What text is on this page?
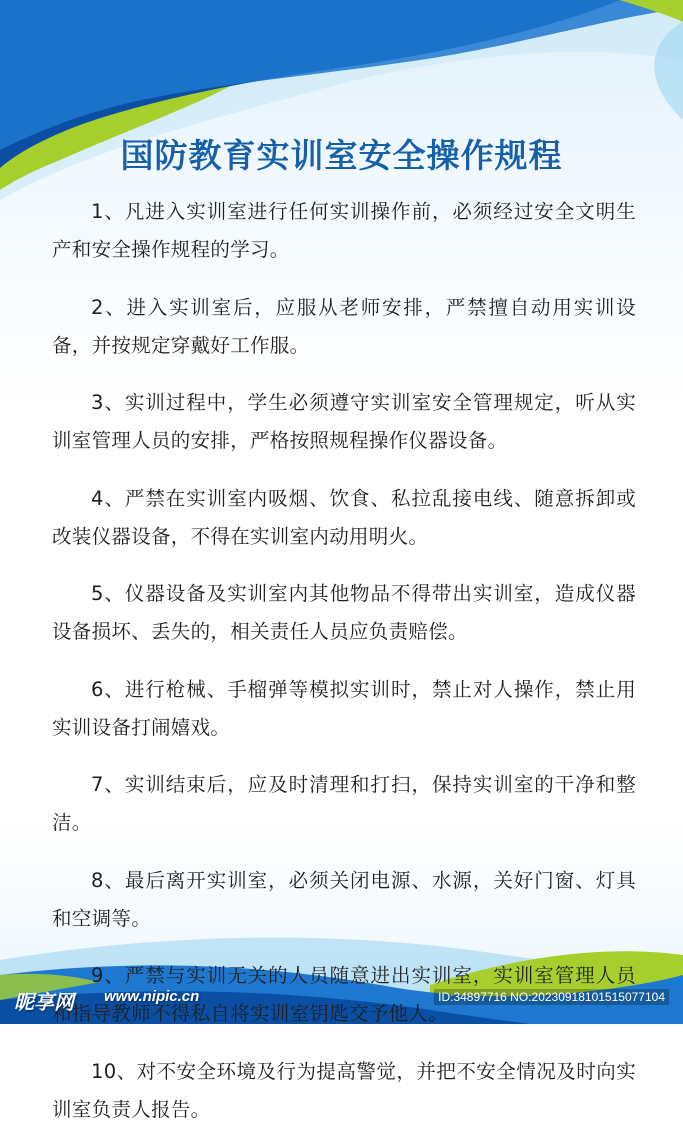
国防教育实训室安全操作规程

1、凡进入实训室进行任何实训操作前，必须经过安全文明生产和安全操作规程的学习。

2、进入实训室后，应服从老师安排，严禁擅自动用实训设备，并按规定穿戴好工作服。

3、实训过程中，学生必须遵守实训室安全管理规定，听从实训室管理人员的安排，严格按照规程操作仪器设备。

4、严禁在实训室内吸烟、饮食、私拉乱接电线、随意拆卸或改装仪器设备，不得在实训室内动用明火。

5、仪器设备及实训室内其他物品不得带出实训室，造成仪器设备损坏、丢失的，相关责任人员应负责赔偿。

6、进行枪械、手榴弹等模拟实训时，禁止对人操作，禁止用实训设备打闹嬉戏。

7、实训结束后，应及时清理和打扫，保持实训室的干净和整洁。

8、最后离开实训室，必须关闭电源、水源，关好门窗、灯具和空调等。

9、严禁与实训无关的人员随意进出实训室，实训室管理人员和指导教师不得私自将实训室钥匙交予他人。

10、对不安全环境及行为提高警觉，并把不安全情况及时向实训室负责人报告。

昵享网 www.nipic.cn	ID:34897716 NO:20230918101515077104
